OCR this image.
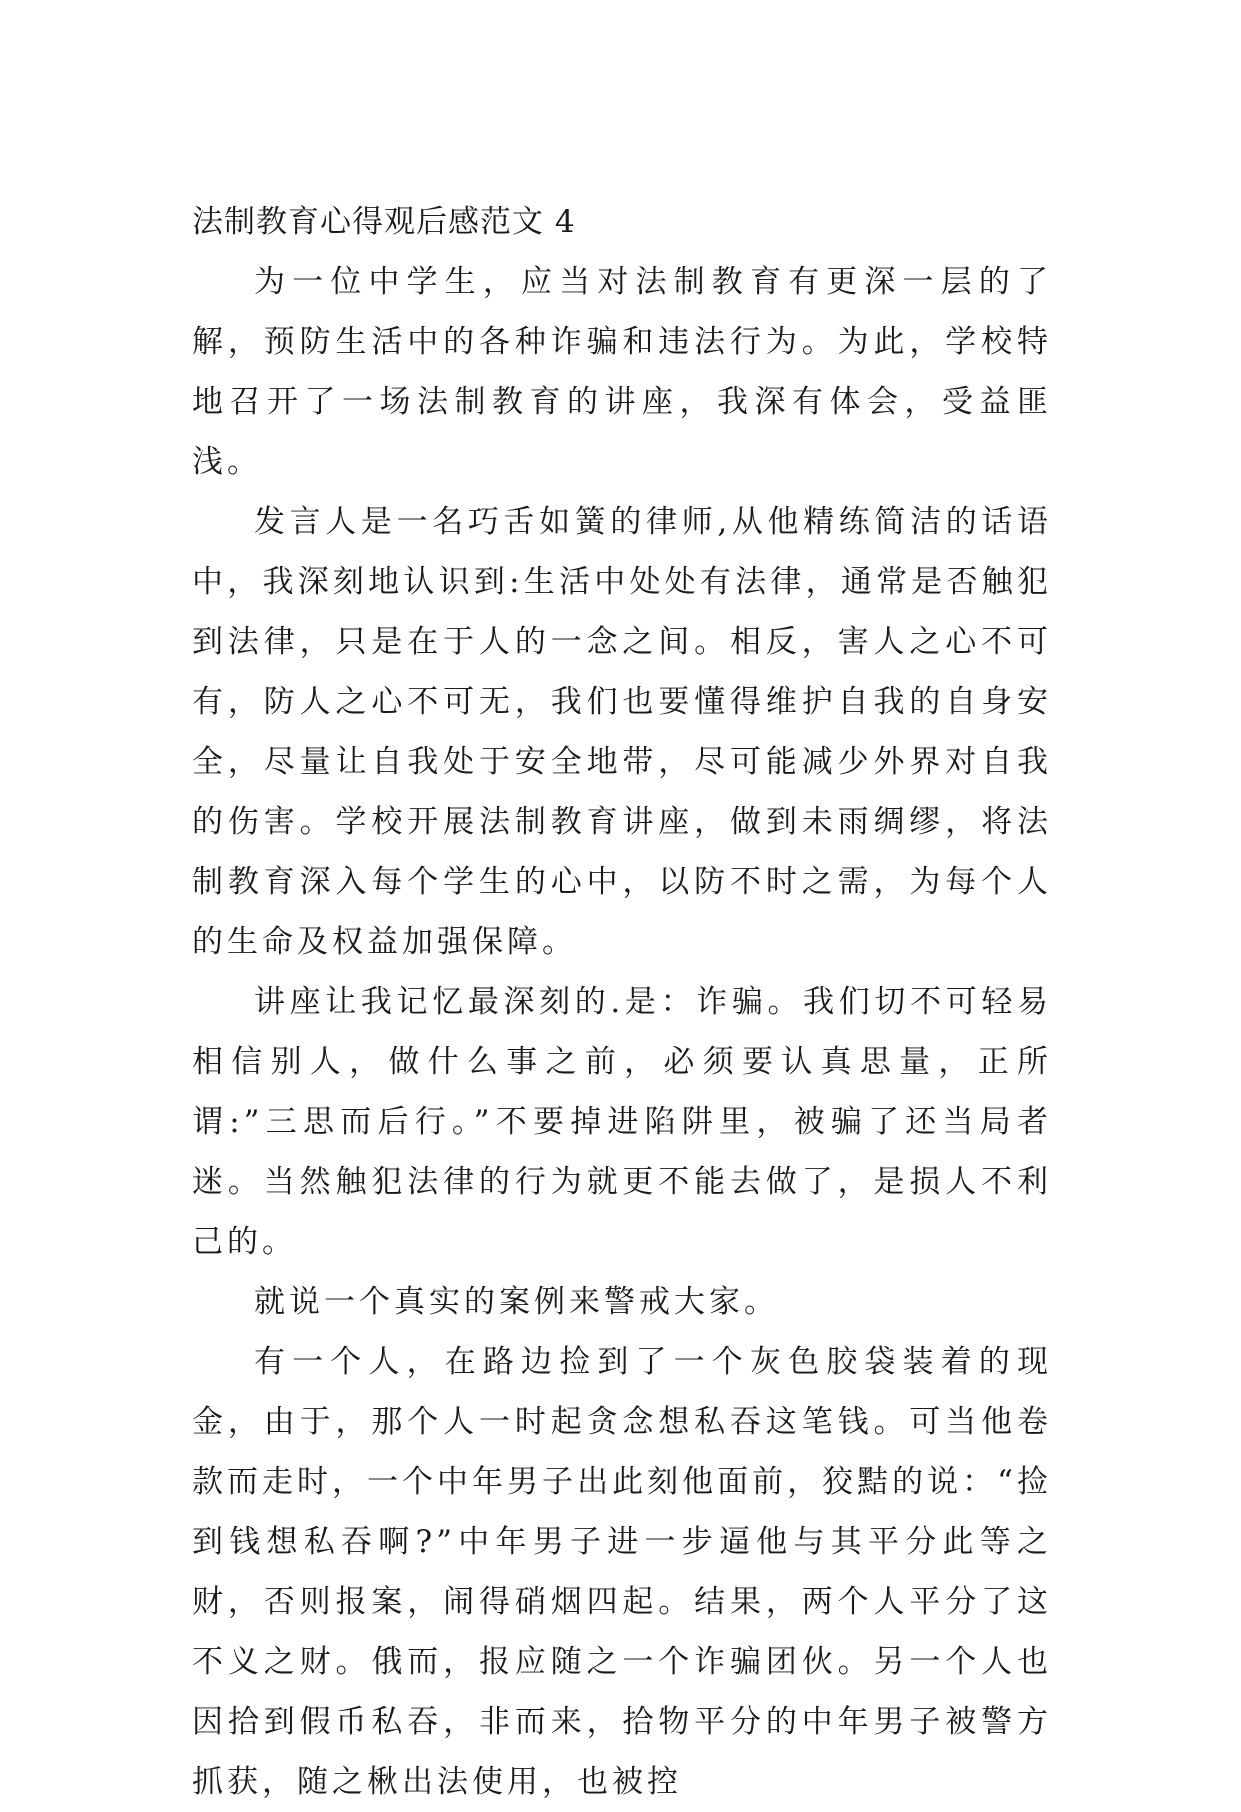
法制教育心得观后感范文 4

为一位中学生，应当对法制教育有更深一层的了解，预防生活中的各种诈骗和违法行为。为此，学校特地召开了一场法制教育的讲座，我深有体会，受益匪浅。

发言人是一名巧舌如簧的律师,从他精练简洁的话语中，我深刻地认识到:生活中处处有法律，通常是否触犯到法律，只是在于人的一念之间。相反，害人之心不可有，防人之心不可无，我们也要懂得维护自我的自身安全，尽量让自我处于安全地带，尽可能减少外界对自我的伤害。学校开展法制教育讲座，做到未雨绸缪，将法制教育深入每个学生的心中，以防不时之需，为每个人的生命及权益加强保障。

讲座让我记忆最深刻的.是：诈骗。我们切不可轻易相信别人，做什么事之前，必须要认真思量，正所谓:”三思而后行。”不要掉进陷阱里，被骗了还当局者迷。当然触犯法律的行为就更不能去做了，是损人不利己的。

就说一个真实的案例来警戒大家。

有一个人，在路边捡到了一个灰色胶袋装着的现金，由于，那个人一时起贪念想私吞这笔钱。可当他卷款而走时，一个中年男子出此刻他面前，狡黠的说：“捡到钱想私吞啊?”中年男子进一步逼他与其平分此等之财，否则报案，闹得硝烟四起。结果，两个人平分了这不义之财。俄而，报应随之一个诈骗团伙。另一个人也因拾到假币私吞，非而来，拾物平分的中年男子被警方抓获，随之楸出法使用，也被控
